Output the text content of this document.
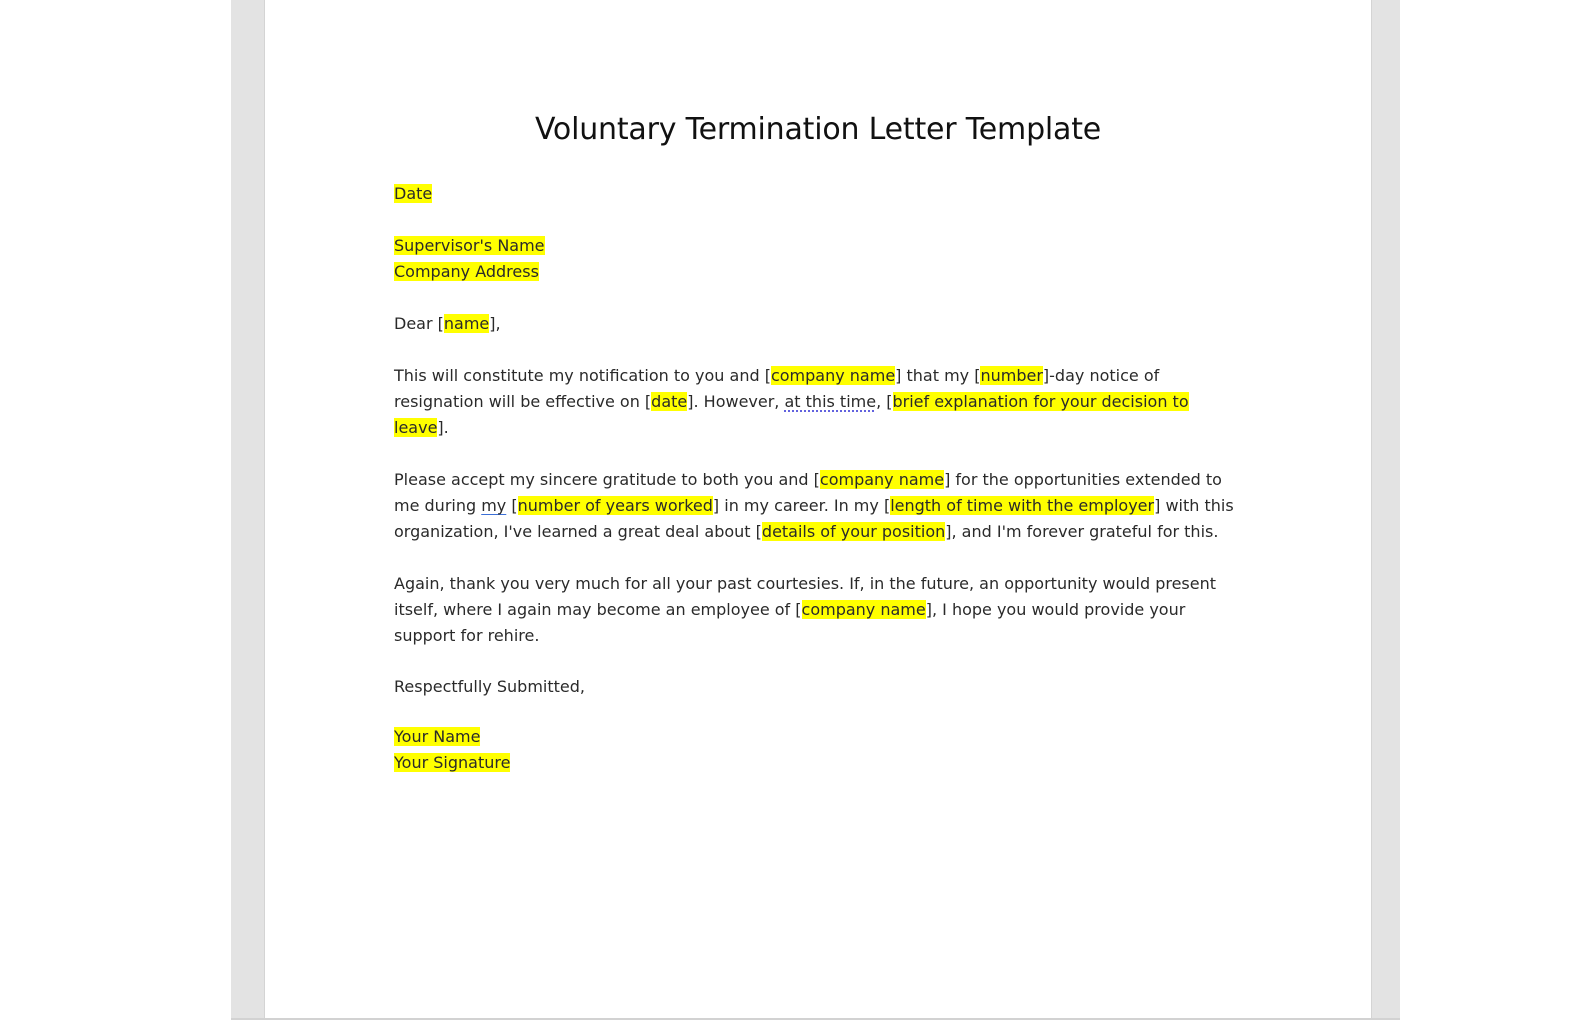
Voluntary Termination Letter Template
Date
Supervisor's Name
Company Address
Dear [name],
This will constitute my notification to you and [company name] that my [number]-day notice of
resignation will be effective on [date]. However, at this time, [brief explanation for your decision to
leave].
Please accept my sincere gratitude to both you and [company name] for the opportunities extended to
me during my [number of years worked] in my career. In my [length of time with the employer] with this
organization, I've learned a great deal about [details of your position], and I'm forever grateful for this.
Again, thank you very much for all your past courtesies. If, in the future, an opportunity would present
itself, where I again may become an employee of [company name], I hope you would provide your
support for rehire.
Respectfully Submitted,
Your Name
Your Signature
